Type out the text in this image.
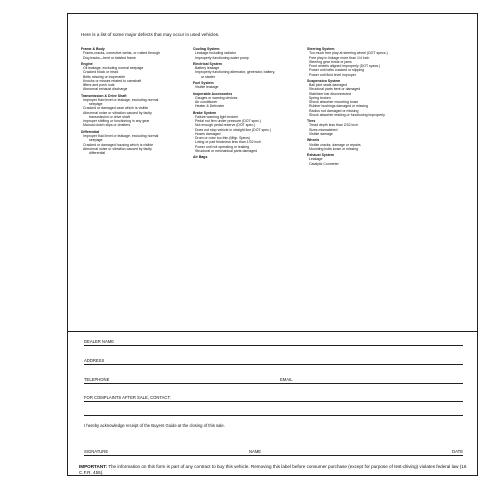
Here is a list of some major defects that may occur in used vehicles.
Frame & Body
Frame-cracks, corrective welds, or rusted through
Dog tracks—bent or twisted frame
Engine
Oil leakage, excluding normal seepage
Cracked block or head
Belts missing or inoperable
Knocks or misses related to camshaft
lifters and push rods
Abnormal exhaust discharge
Transmission & Drive Shaft
Improper fluid level or leakage, excluding normal
seepage
Cracked or damaged case which is visible
Abnormal noise or vibration caused by faulty
transmission or drive shaft
Improper shifting or functioning in any gear
Manual clutch slips or chatters
Differential
Improper fluid level or leakage, excluding normal
seepage
Cracked or damaged housing which is visible
Abnormal noise or vibration caused by faulty
differential
Cooling System
Leakage including radiator
Improperly functioning water pump
Electrical System
Battery leakage
Improperly functioning alternator, generator, battery,
or starter
Fuel System
Visible leakage
Inoperable Accessories
Gauges or warning devices
Air conditioner
Heater & Defroster
Brake System
Failure warning light broken
Pedal not firm under pressure (DOT spec.)
Not enough pedal reserve (DOT spec.)
Does not stop vehicle in straight line (DOT spec.)
Hoses damaged
Drum or rotor too thin (Mfgr. Specs)
Lining or pad thickness less than 1/32 inch
Power unit not operating or leaking
Structural or mechanical parts damaged
Air Bags
Steering System
Too much free play at steering wheel (DOT specs.)
Free play in linkage more than 1/4 inch
Steering gear binds or jams
Front wheels aligned improperly (DOT specs.)
Power unit belts cracked or slipping
Power unit fluid level improper
Suspension System
Ball joint seals damaged
Structural parts bent or damaged
Stabilizer bar disconnected
Spring broken
Shock absorber mounting loose
Rubber bushings damaged or missing
Radius rod damaged or missing
Shock absorber leaking or functioning improperly
Tires
Tread depth less than 2/32 inch
Sizes mismatched
Visible damage
Wheels
Visible cracks, damage or repairs
Mounting bolts loose or missing
Exhaust System
Leakage
Catalytic Converter
DEALER NAME
ADDRESS
TELEPHONE	EMAIL
FOR COMPLAINTS AFTER SALE, CONTACT:
I hereby acknowledge receipt of the Buyers Guide at the closing of this sale.
SIGNATURE	NAME	DATE
IMPORTANT: The information on this form is part of any contract to buy this vehicle. Removing this label before consumer purchase (except for purpose of test-driving) violates federal law (16 C.F.R. 455).
